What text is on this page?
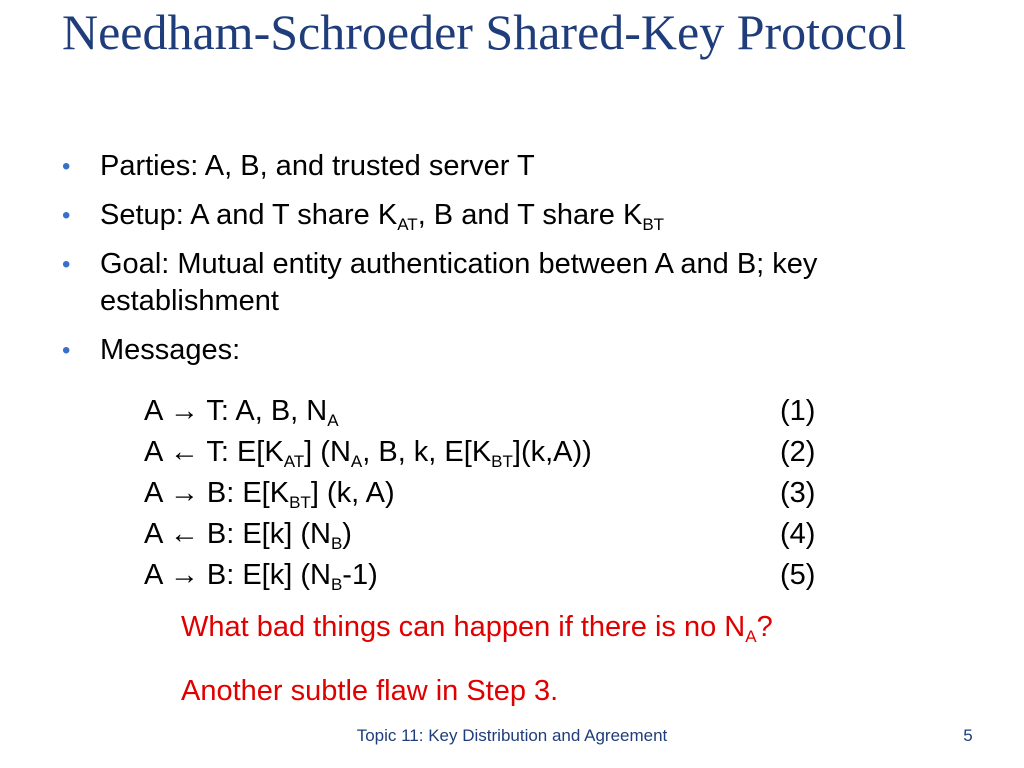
Needham-Schroeder Shared-Key Protocol
• Parties: A, B, and trusted server T
• Setup: A and T share $K_{AT}$, B and T share $K_{BT}$
• Goal: Mutual entity authentication between A and B; key establishment
• Messages:
A → T: A, B, $N_A$	(1)
A ← T: $E[K_{AT}]$ ($N_A$, B, k, $E[K_{BT}](k,A)$)	(2)
A → B: $E[K_{BT}]$ (k, A)	(3)
A ← B: E[k] $(N_B)$	(4)
A → B: E[k] $(N_B-1)$	(5)
What bad things can happen if there is no $N_A$?
Another subtle flaw in Step 3.
Topic 11: Key Distribution and Agreement	5
